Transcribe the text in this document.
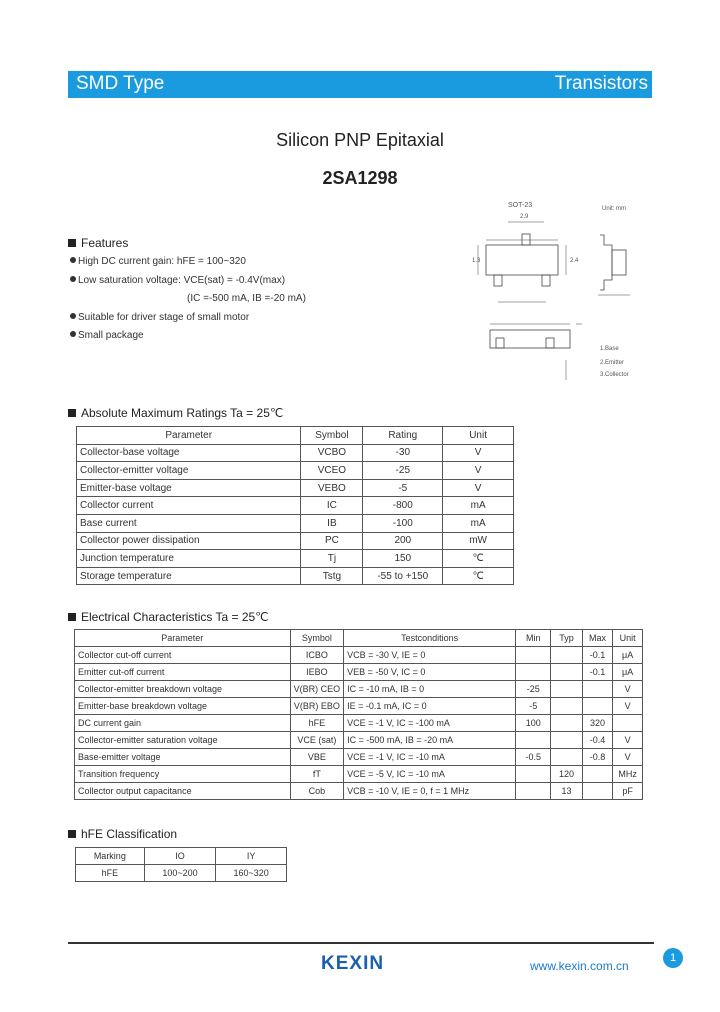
SMD Type	Transistors
Silicon PNP Epitaxial
2SA1298
SOT-23	Unit: mm
2.9
1.3	2.4
1.Base
2.Emitter
3.Collector
Features
High DC current gain: hFE = 100~320
Low saturation voltage: VCE(sat) = -0.4V(max)
(IC =-500 mA, IB =-20 mA)
Suitable for driver stage of small motor
Small package
Absolute Maximum Ratings Ta = 25℃
Parameter	Symbol	Rating	Unit
Collector-base voltage	VCBO	-30	V
Collector-emitter voltage	VCEO	-25	V
Emitter-base voltage	VEBO	-5	V
Collector current	IC	-800	mA
Base current	IB	-100	mA
Collector power dissipation	PC	200	mW
Junction temperature	Tj	150	℃
Storage temperature	Tstg	-55 to +150	℃
Electrical Characteristics Ta = 25℃
Parameter	Symbol	Testconditions	Min	Typ	Max	Unit
Collector cut-off current	ICBO	VCB = -30 V, IE = 0			-0.1	μA
Emitter cut-off current	IEBO	VEB = -50 V, IC = 0			-0.1	μA
Collector-emitter breakdown voltage	V(BR) CEO	IC = -10 mA, IB = 0	-25			V
Emitter-base breakdown voltage	V(BR) EBO	IE = -0.1 mA, IC = 0	-5			V
DC current gain	hFE	VCE = -1 V, IC = -100 mA	100		320	
Collector-emitter saturation voltage	VCE (sat)	IC = -500 mA, IB = -20 mA			-0.4	V
Base-emitter voltage	VBE	VCE = -1 V, IC = -10 mA	-0.5		-0.8	V
Transition frequency	fT	VCE = -5 V, IC = -10 mA		120		MHz
Collector output capacitance	Cob	VCB = -10 V, IE = 0, f = 1 MHz		13		pF
hFE Classification
Marking	IO	IY
hFE	100~200	160~320
KEXIN	www.kexin.com.cn
1
